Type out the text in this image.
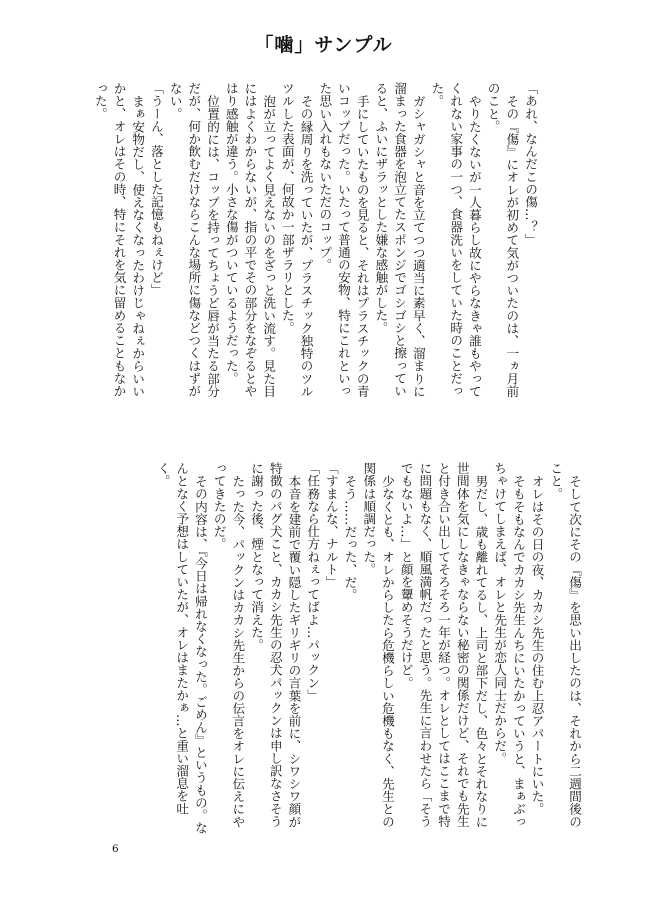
「噛」サンプル

「あれ、なんだこの傷…？」

その『傷』にオレが初めて気がついたのは、一ヵ月前のこと。

やりたくないが一人暮らし故にやらなきゃ誰もやってくれない家事の一つ、食器洗いをしていた時のことだった。

ガシャガシャと音を立てつつ適当に素早く、溜まりに溜まった食器を泡立てたスポンジでゴシゴシと擦っていると、ふいにザラッとした嫌な感触がした。

手にしていたものを見ると、それはプラスチックの青いコップだった。いたって普通の安物、特にこれといった思い入れもないただのコップ。

その縁周りを洗っていたが、プラスチック独特のツルツルした表面が、何故か一部ザラリとした。

泡が立ってよく見えないのをざっと洗い流す。見た目にはよくわからないが、指の平でその部分をなぞるとやはり感触が違う。小さな傷がついているようだった。

位置的には、コップを持ってちょうど唇が当たる部分だが、何か飲むだけならこんな場所に傷などつくはずがない。

「うーん、落とした記憶もねぇけど」

まぁ安物だし、使えなくなったわけじゃねぇからいいかと、オレはその時、特にそれを気に留めることもなかった。

そして次にその『傷』を思い出したのは、それから二週間後のこと。

オレはその日の夜、カカシ先生の住む上忍アパートにいた。

そもそもなんでカカシ先生んちにいたかっていうと、まぁぶっちゃけてしまえば、オレと先生が恋人同士だからだ。

男だし、歳も離れてるし、上司と部下だし、色々とそれなりに世間体を気にしなきゃならない秘密の関係だけど、それでも先生と付き合い出してそろそろ一年が経つ。オレとしてはここまで特に問題もなく、順風満帆だったと思う。先生に言わせたら「そうでもないよ…」と顔を顰めそうだけど。

少なくとも、オレからしたら危機らしい危機もなく、先生との関係は順調だった。

そう……だった、だ。

「すまんな、ナルト」

「任務なら仕方ねぇってばよ…パックン」

本音を建前で覆い隠したギリギリの言葉を前に、シワシワ顔が特徴のパグ犬こと、カカシ先生の忍犬パックンは申し訳なさそうに謝った後、煙となって消えた。

たった今、パックンはカカシ先生からの伝言をオレに伝えにやってきたのだ。

その内容は、『今日は帰れなくなった。ごめん』というもの。なんとなく予想はしていたが、オレはまたかぁ…と重い溜息を吐く。

6
